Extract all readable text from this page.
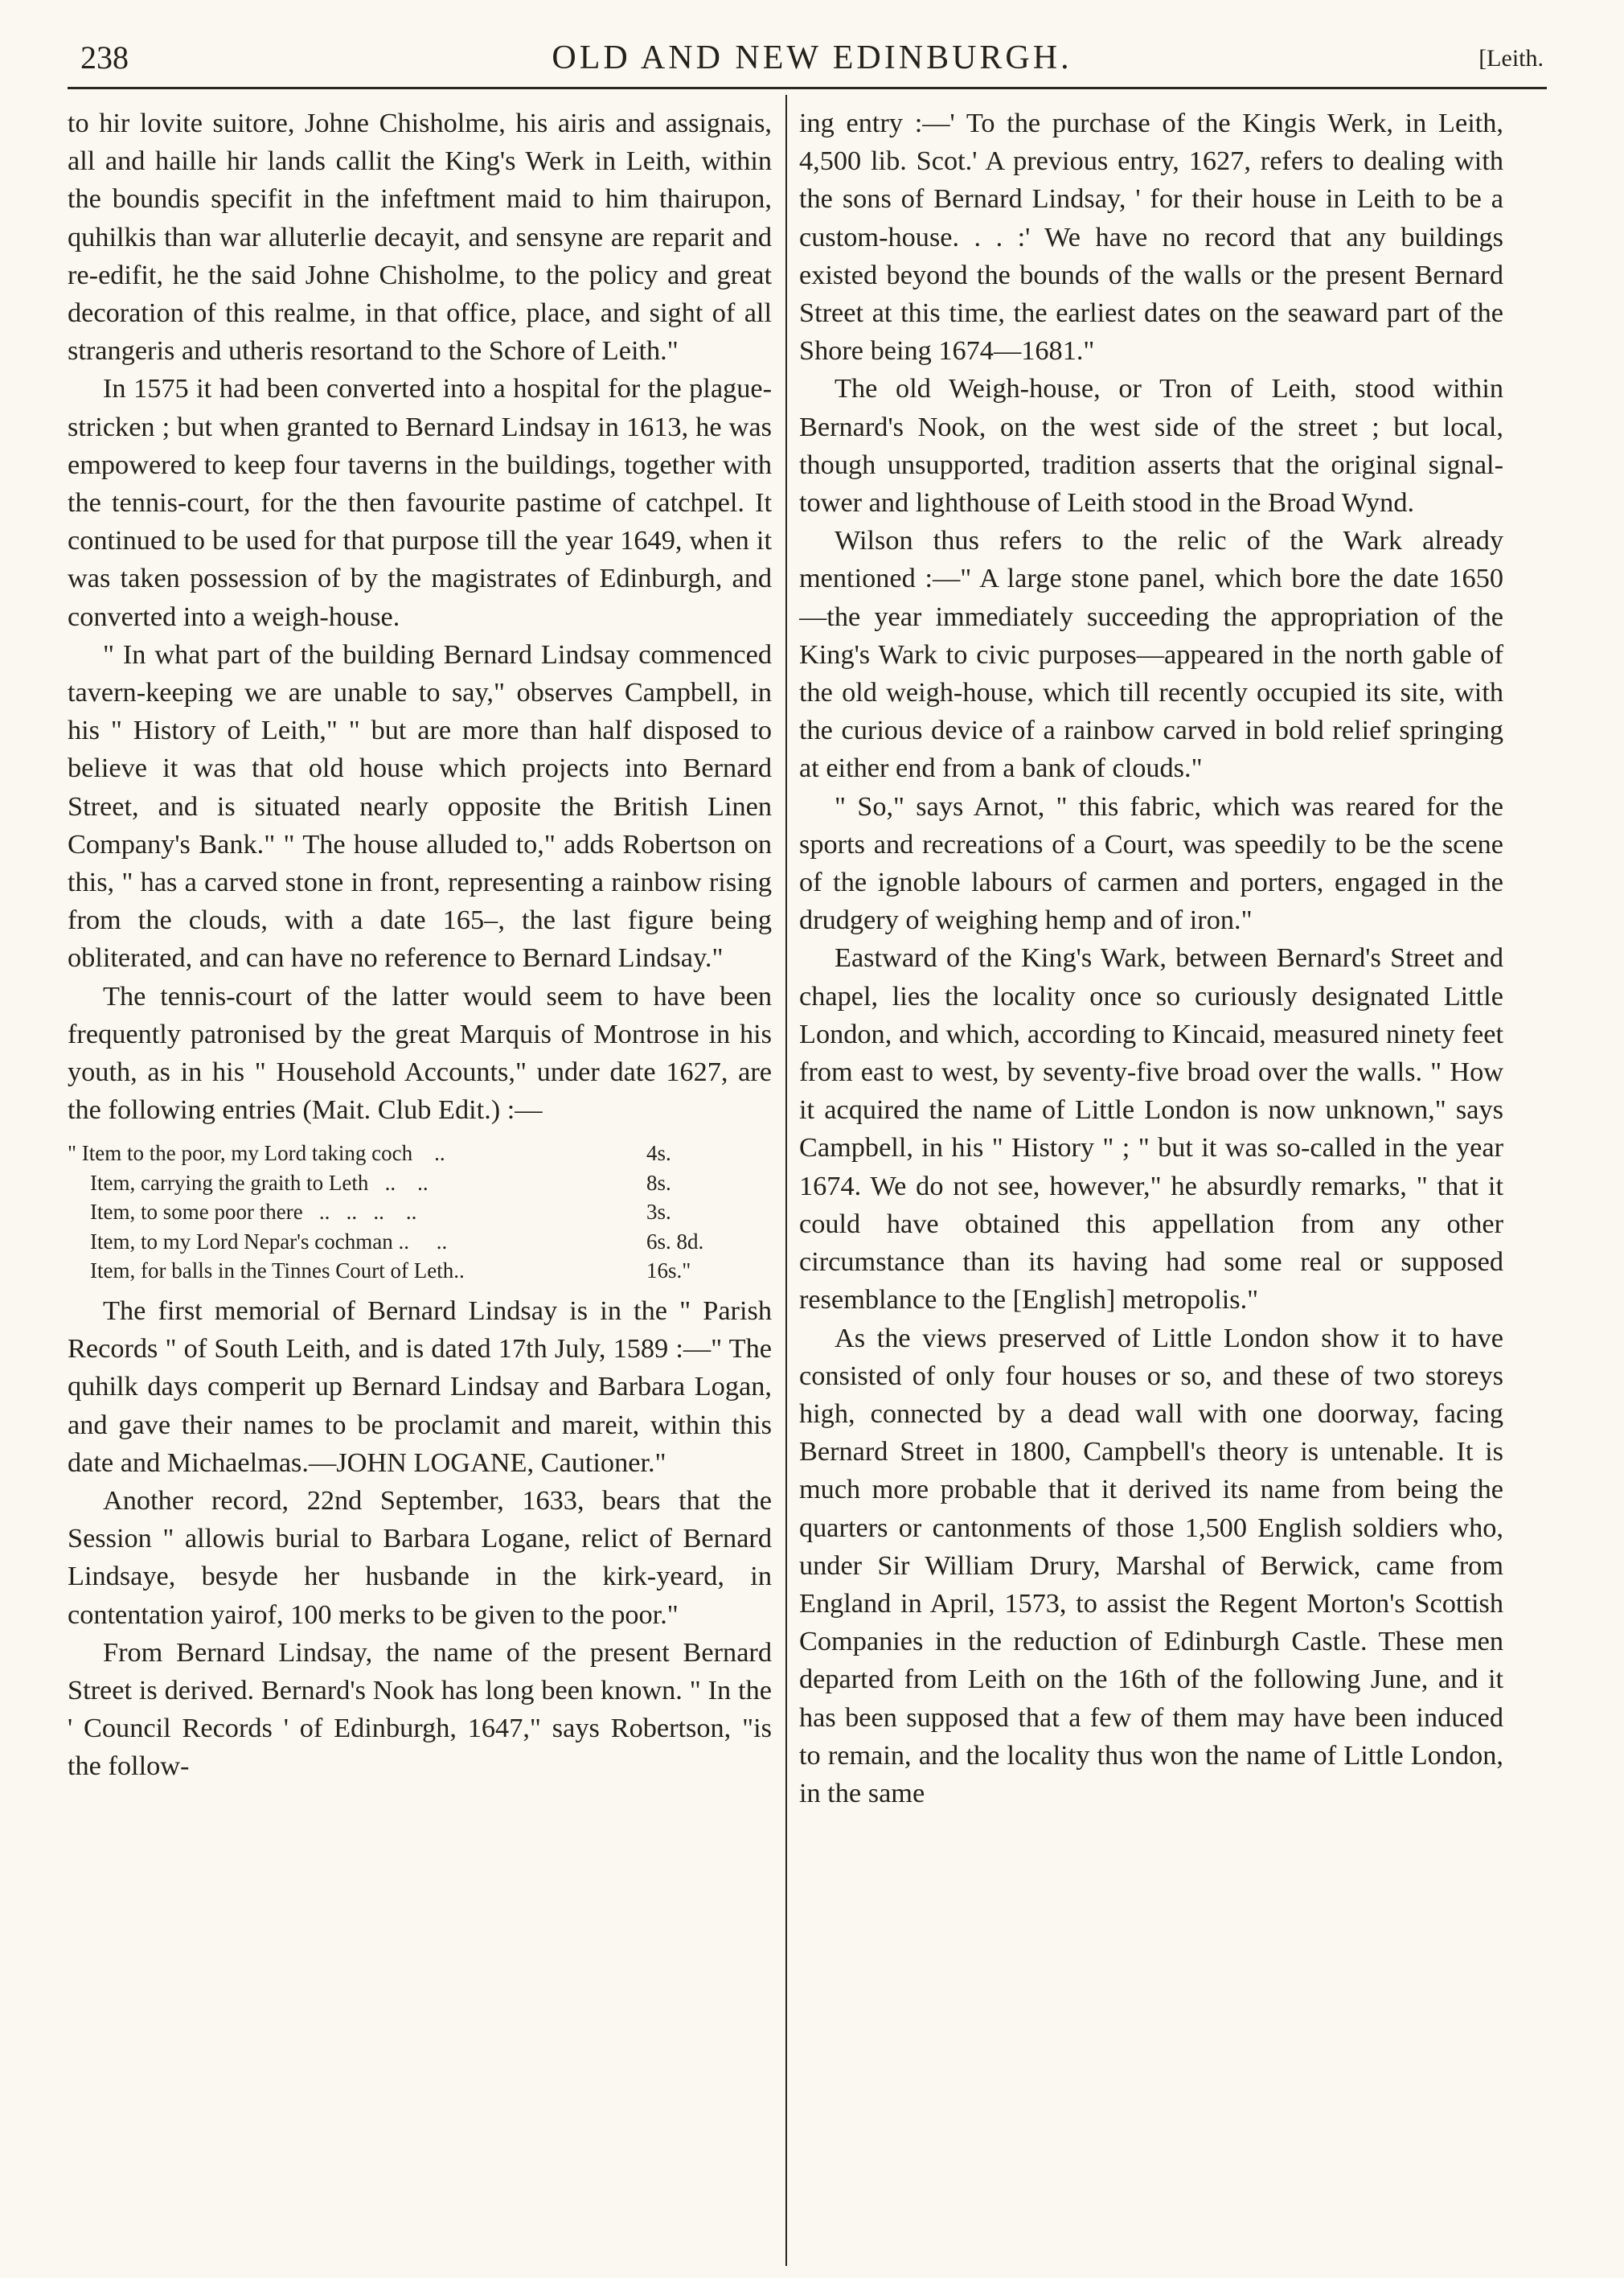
238	OLD AND NEW EDINBURGH.	[Leith.

to hir lovite suitore, Johne Chisholme, his airis and assignais, all and haille hir lands callit the King's Werk in Leith, within the boundis specifit in the infeftment maid to him thairupon, quhilkis than war alluterlie decayit, and sensyne are reparit and re-edifit, he the said Johne Chisholme, to the policy and great decoration of this realme, in that office, place, and sight of all strangeris and utheris resortand to the Schore of Leith."

In 1575 it had been converted into a hospital for the plague-stricken ; but when granted to Bernard Lindsay in 1613, he was empowered to keep four taverns in the buildings, together with the tennis-court, for the then favourite pastime of catchpel. It continued to be used for that purpose till the year 1649, when it was taken possession of by the magistrates of Edinburgh, and converted into a weigh-house.

" In what part of the building Bernard Lindsay commenced tavern-keeping we are unable to say," observes Campbell, in his " History of Leith," " but are more than half disposed to believe it was that old house which projects into Bernard Street, and is situated nearly opposite the British Linen Company's Bank." " The house alluded to," adds Robertson on this, " has a carved stone in front, representing a rainbow rising from the clouds, with a date 165–, the last figure being obliterated, and can have no reference to Bernard Lindsay."

The tennis-court of the latter would seem to have been frequently patronised by the great Marquis of Montrose in his youth, as in his " Household Accounts," under date 1627, are the following entries (Mait. Club Edit.) :—

" Item to the poor, my Lord taking coch    ..	4s.
Item, carrying the graith to Leth   ..    ..	8s.
Item, to some poor there   ..   ..   ..    ..	3s.
Item, to my Lord Nepar's cochman ..     ..	6s. 8d.
Item, for balls in the Tinnes Court of Leth..	16s."

The first memorial of Bernard Lindsay is in the " Parish Records " of South Leith, and is dated 17th July, 1589 :—" The quhilk days comperit up Bernard Lindsay and Barbara Logan, and gave their names to be proclamit and mareit, within this date and Michaelmas.—JOHN LOGANE, Cautioner."

Another record, 22nd September, 1633, bears that the Session " allowis burial to Barbara Logane, relict of Bernard Lindsaye, besyde her husbande in the kirk-yeard, in contentation yairof, 100 merks to be given to the poor."

From Bernard Lindsay, the name of the present Bernard Street is derived. Bernard's Nook has long been known. " In the ' Council Records ' of Edinburgh, 1647," says Robertson, "is the follow-

ing entry :—' To the purchase of the Kingis Werk, in Leith, 4,500 lib. Scot.' A previous entry, 1627, refers to dealing with the sons of Bernard Lindsay, ' for their house in Leith to be a custom-house. . . :' We have no record that any buildings existed beyond the bounds of the walls or the present Bernard Street at this time, the earliest dates on the seaward part of the Shore being 1674—1681."

The old Weigh-house, or Tron of Leith, stood within Bernard's Nook, on the west side of the street ; but local, though unsupported, tradition asserts that the original signal-tower and lighthouse of Leith stood in the Broad Wynd.

Wilson thus refers to the relic of the Wark already mentioned :—" A large stone panel, which bore the date 1650—the year immediately succeeding the appropriation of the King's Wark to civic purposes—appeared in the north gable of the old weigh-house, which till recently occupied its site, with the curious device of a rainbow carved in bold relief springing at either end from a bank of clouds."

" So," says Arnot, " this fabric, which was reared for the sports and recreations of a Court, was speedily to be the scene of the ignoble labours of carmen and porters, engaged in the drudgery of weighing hemp and of iron."

Eastward of the King's Wark, between Bernard's Street and chapel, lies the locality once so curiously designated Little London, and which, according to Kincaid, measured ninety feet from east to west, by seventy-five broad over the walls. " How it acquired the name of Little London is now unknown," says Campbell, in his " History " ; " but it was so-called in the year 1674. We do not see, however," he absurdly remarks, " that it could have obtained this appellation from any other circumstance than its having had some real or supposed resemblance to the [English] metropolis."

As the views preserved of Little London show it to have consisted of only four houses or so, and these of two storeys high, connected by a dead wall with one doorway, facing Bernard Street in 1800, Campbell's theory is untenable. It is much more probable that it derived its name from being the quarters or cantonments of those 1,500 English soldiers who, under Sir William Drury, Marshal of Berwick, came from England in April, 1573, to assist the Regent Morton's Scottish Companies in the reduction of Edinburgh Castle. These men departed from Leith on the 16th of the following June, and it has been supposed that a few of them may have been induced to remain, and the locality thus won the name of Little London, in the same
